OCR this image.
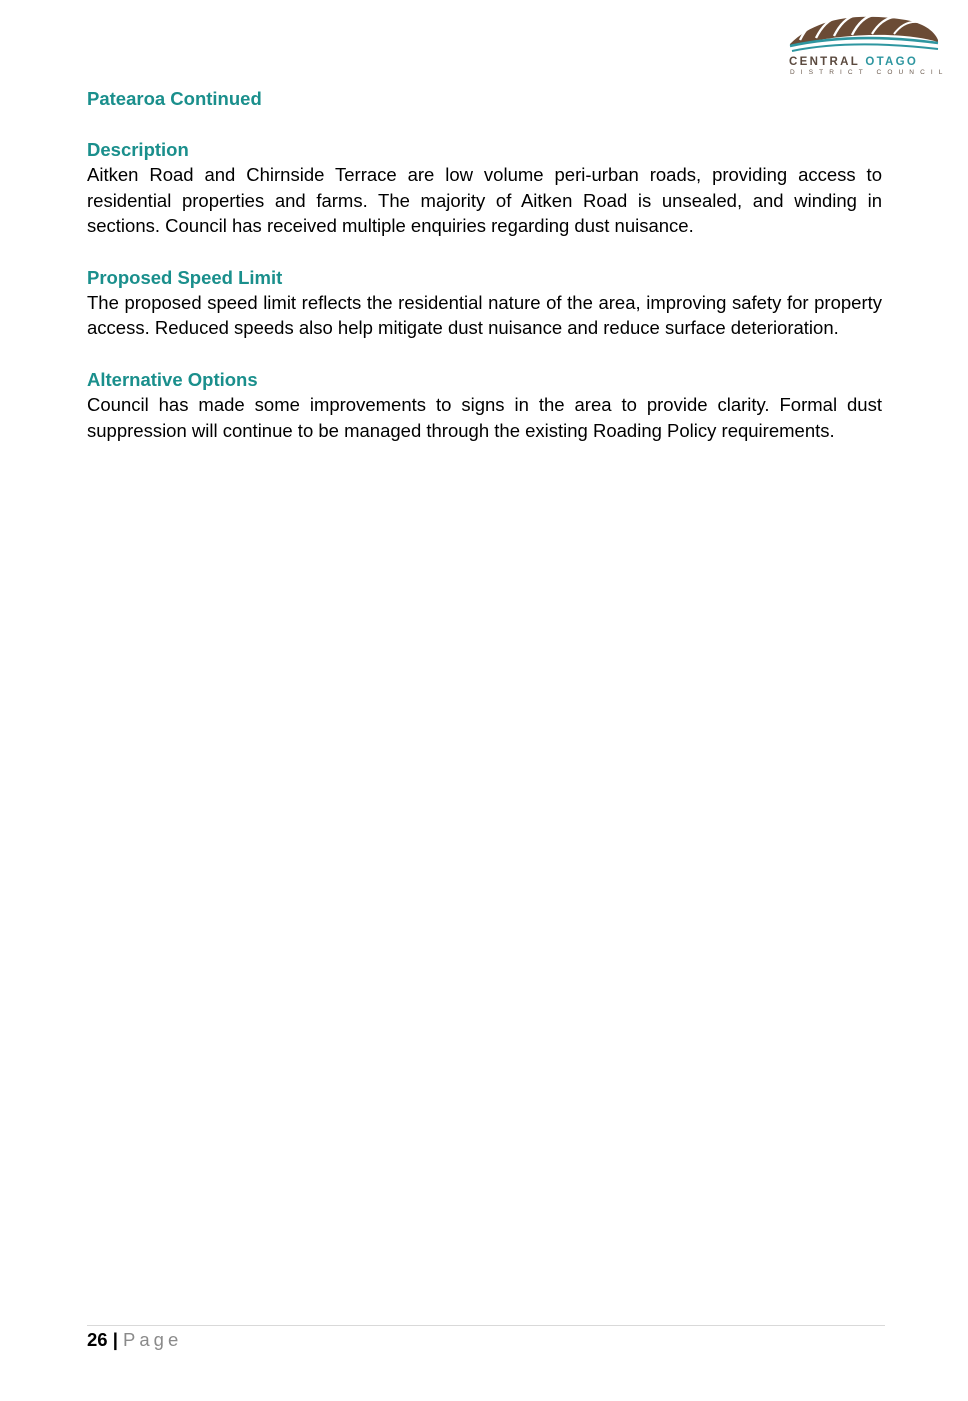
CENTRAL OTAGO
DISTRICT COUNCIL
Patearoa Continued
Description

Aitken Road and Chirnside Terrace are low volume peri-urban roads, providing access to residential properties and farms. The majority of Aitken Road is unsealed, and winding in sections. Council has received multiple enquiries regarding dust nuisance.

Proposed Speed Limit

The proposed speed limit reflects the residential nature of the area, improving safety for property access. Reduced speeds also help mitigate dust nuisance and reduce surface deterioration.

Alternative Options

Council has made some improvements to signs in the area to provide clarity. Formal dust suppression will continue to be managed through the existing Roading Policy requirements.

26 | Page
